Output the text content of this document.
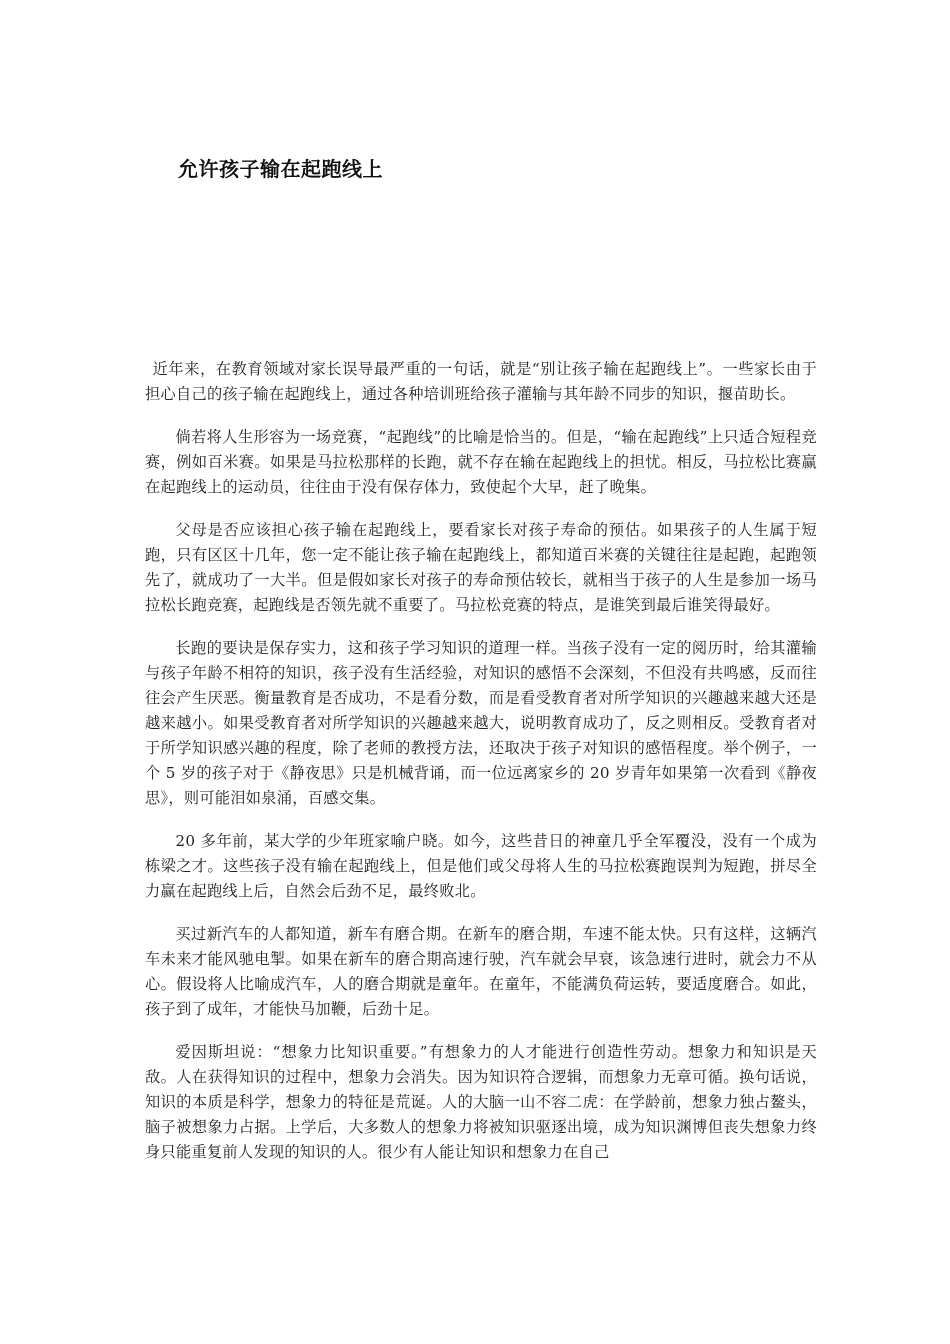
允许孩子输在起跑线上

近年来，在教育领域对家长误导最严重的一句话，就是“别让孩子输在起跑线上”。一些家长由于担心自己的孩子输在起跑线上，通过各种培训班给孩子灌输与其年龄不同步的知识，揠苗助长。

倘若将人生形容为一场竞赛，“起跑线”的比喻是恰当的。但是，“输在起跑线”上只适合短程竞赛，例如百米赛。如果是马拉松那样的长跑，就不存在输在起跑线上的担忧。相反，马拉松比赛赢在起跑线上的运动员，往往由于没有保存体力，致使起个大早，赶了晚集。

父母是否应该担心孩子输在起跑线上，要看家长对孩子寿命的预估。如果孩子的人生属于短跑，只有区区十几年，您一定不能让孩子输在起跑线上，都知道百米赛的关键往往是起跑，起跑领先了，就成功了一大半。但是假如家长对孩子的寿命预估较长，就相当于孩子的人生是参加一场马拉松长跑竞赛，起跑线是否领先就不重要了。马拉松竞赛的特点，是谁笑到最后谁笑得最好。

长跑的要诀是保存实力，这和孩子学习知识的道理一样。当孩子没有一定的阅历时，给其灌输与孩子年龄不相符的知识，孩子没有生活经验，对知识的感悟不会深刻，不但没有共鸣感，反而往往会产生厌恶。衡量教育是否成功，不是看分数，而是看受教育者对所学知识的兴趣越来越大还是越来越小。如果受教育者对所学知识的兴趣越来越大，说明教育成功了，反之则相反。受教育者对于所学知识感兴趣的程度，除了老师的教授方法，还取决于孩子对知识的感悟程度。举个例子，一个 5 岁的孩子对于《静夜思》只是机械背诵，而一位远离家乡的 20 岁青年如果第一次看到《静夜思》，则可能泪如泉涌，百感交集。

20 多年前，某大学的少年班家喻户晓。如今，这些昔日的神童几乎全军覆没，没有一个成为栋梁之才。这些孩子没有输在起跑线上，但是他们或父母将人生的马拉松赛跑误判为短跑，拼尽全力赢在起跑线上后，自然会后劲不足，最终败北。

买过新汽车的人都知道，新车有磨合期。在新车的磨合期，车速不能太快。只有这样，这辆汽车未来才能风驰电掣。如果在新车的磨合期高速行驶，汽车就会早衰，该急速行进时，就会力不从心。假设将人比喻成汽车，人的磨合期就是童年。在童年，不能满负荷运转，要适度磨合。如此，孩子到了成年，才能快马加鞭，后劲十足。

爱因斯坦说：“想象力比知识重要。”有想象力的人才能进行创造性劳动。想象力和知识是天敌。人在获得知识的过程中，想象力会消失。因为知识符合逻辑，而想象力无章可循。换句话说，知识的本质是科学，想象力的特征是荒诞。人的大脑一山不容二虎：在学龄前，想象力独占鳌头，脑子被想象力占据。上学后，大多数人的想象力将被知识驱逐出境，成为知识渊博但丧失想象力终身只能重复前人发现的知识的人。很少有人能让知识和想象力在自己
